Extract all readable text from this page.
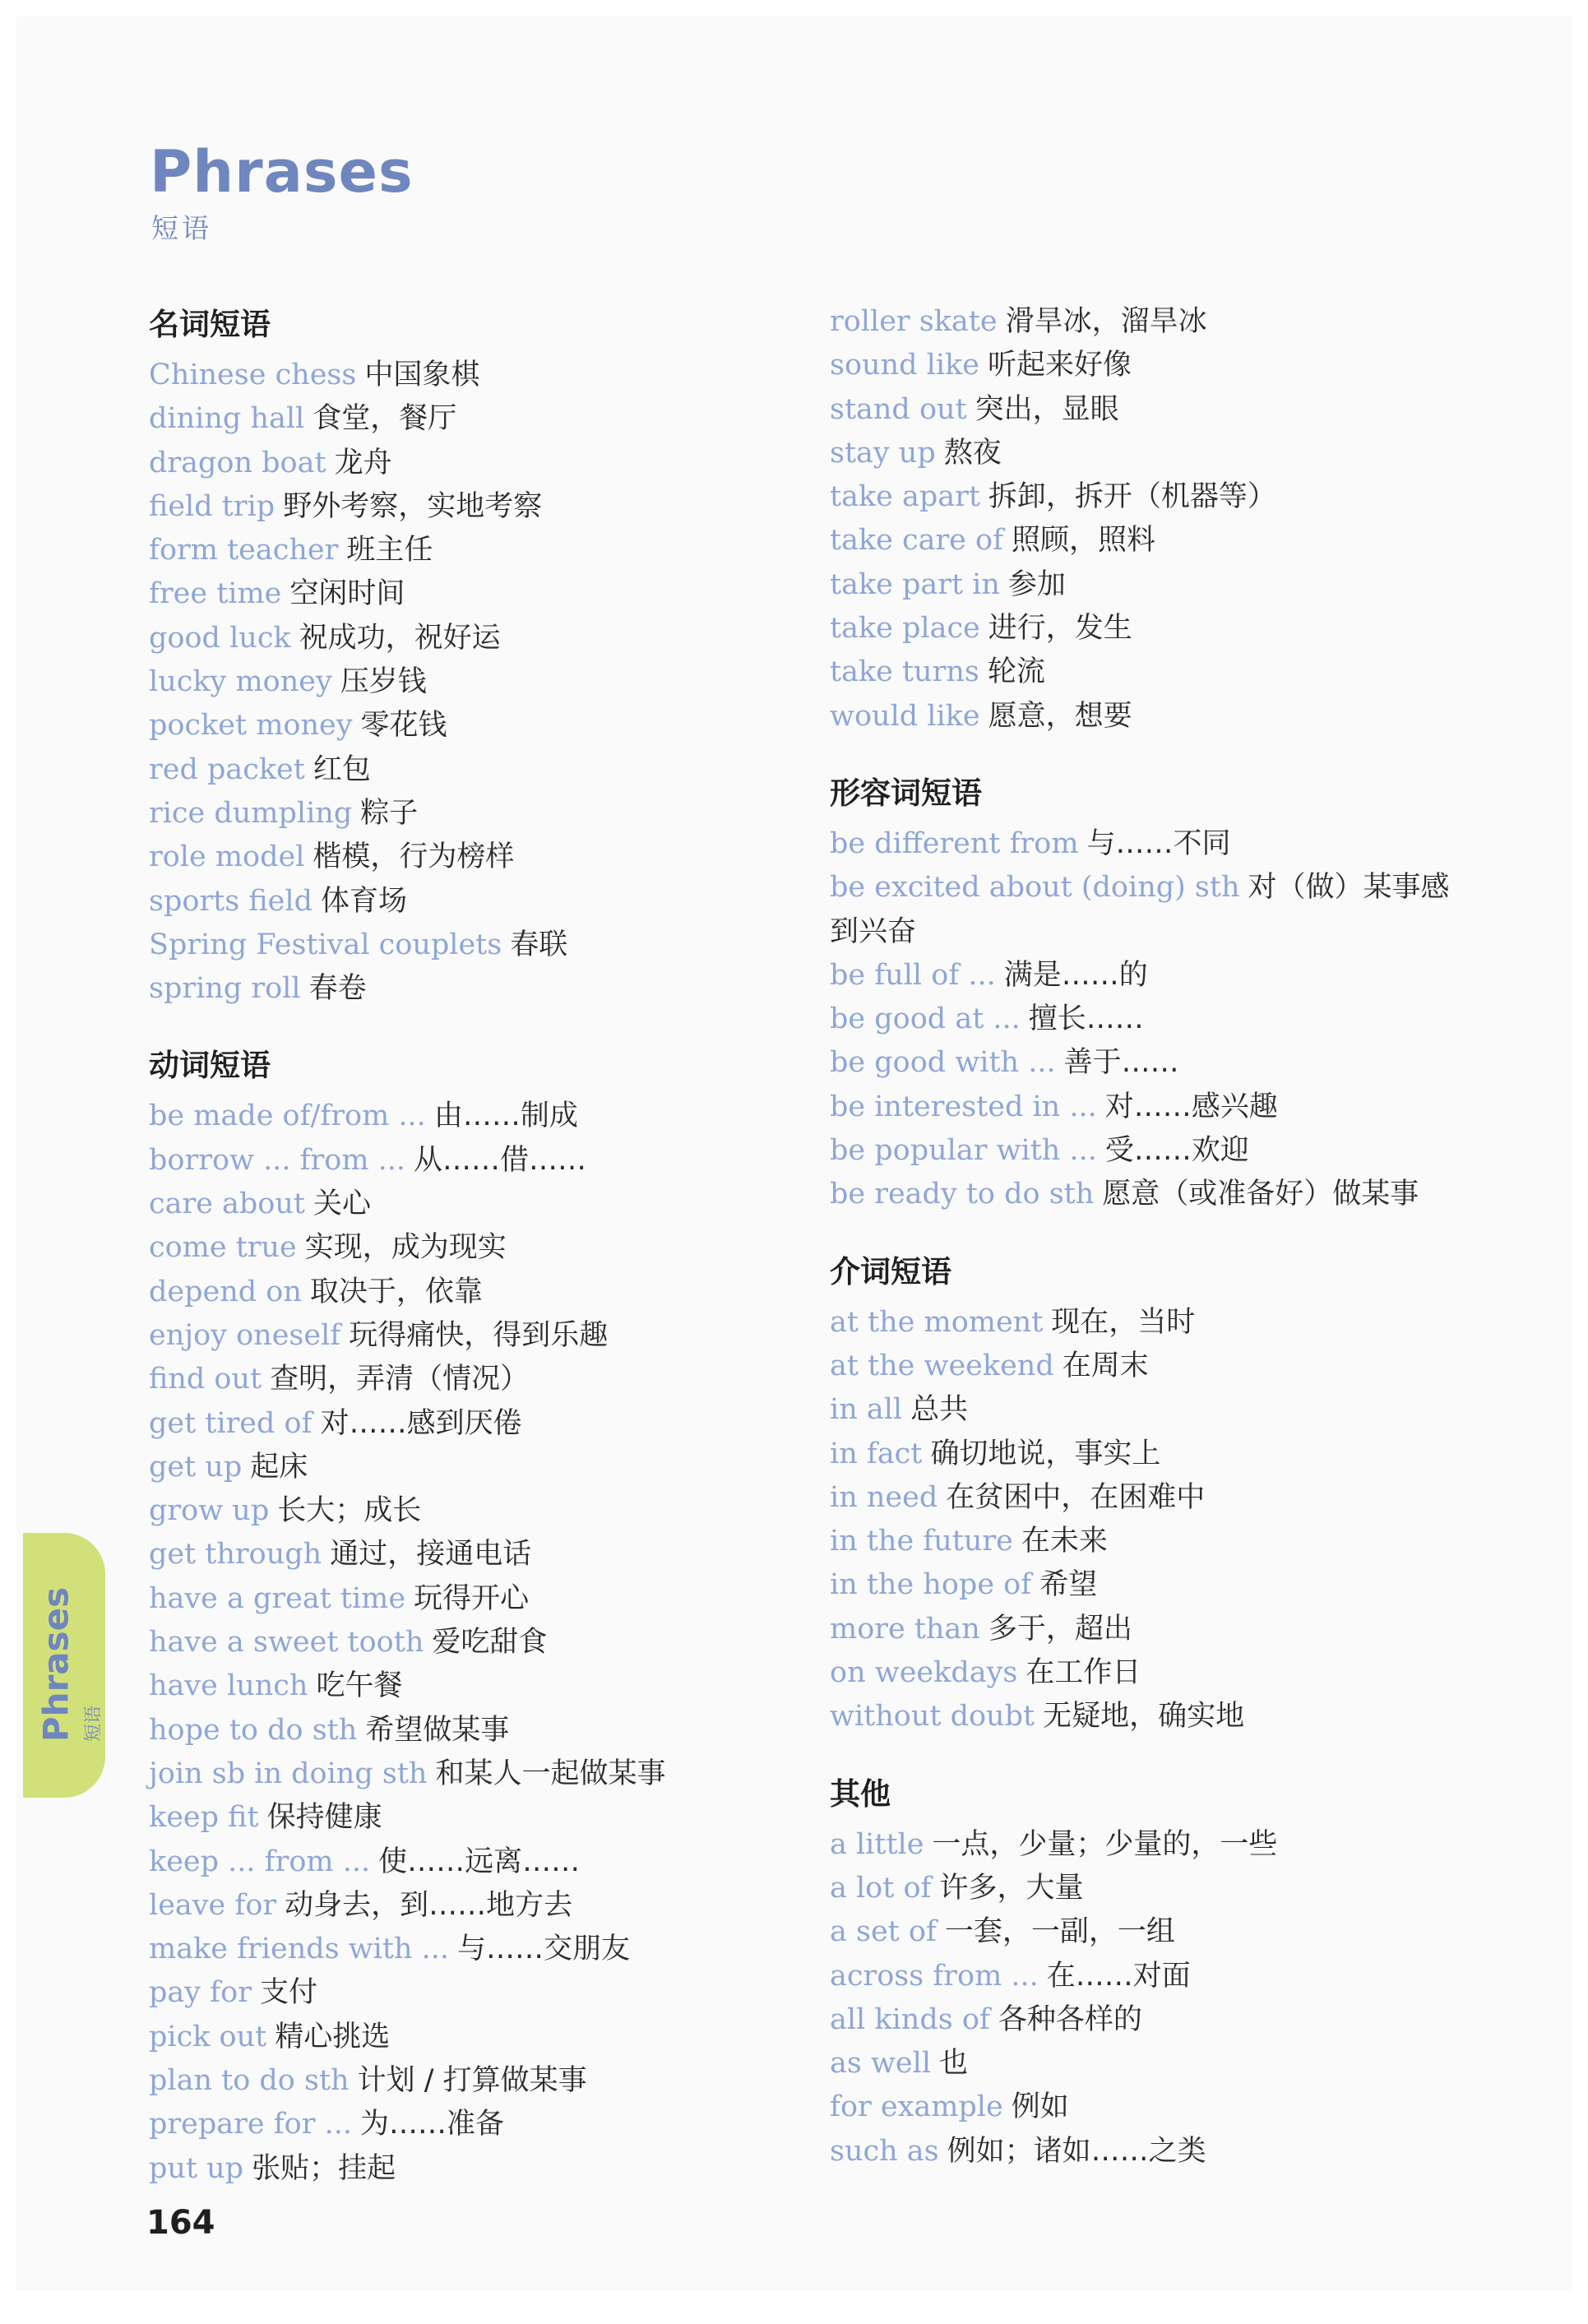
Phrases
短语
名词短语
Chinese chess 中国象棋
dining hall 食堂，餐厅
dragon boat 龙舟
field trip 野外考察，实地考察
form teacher 班主任
free time 空闲时间
good luck 祝成功，祝好运
lucky money 压岁钱
pocket money 零花钱
red packet 红包
rice dumpling 粽子
role model 楷模，行为榜样
sports field 体育场
Spring Festival couplets 春联
spring roll 春卷
动词短语
be made of/from ... 由……制成
borrow ... from ... 从……借……
care about 关心
come true 实现，成为现实
depend on 取决于，依靠
enjoy oneself 玩得痛快，得到乐趣
find out 查明，弄清（情况）
get tired of 对……感到厌倦
get up 起床
grow up 长大；成长
get through 通过，接通电话
have a great time 玩得开心
have a sweet tooth 爱吃甜食
have lunch 吃午餐
hope to do sth 希望做某事
join sb in doing sth 和某人一起做某事
keep fit 保持健康
keep ... from ... 使……远离……
leave for 动身去，到……地方去
make friends with ... 与……交朋友
pay for 支付
pick out 精心挑选
plan to do sth 计划 / 打算做某事
prepare for ... 为……准备
put up 张贴；挂起
roller skate 滑旱冰，溜旱冰
sound like 听起来好像
stand out 突出，显眼
stay up 熬夜
take apart 拆卸，拆开（机器等）
take care of 照顾，照料
take part in 参加
take place 进行，发生
take turns 轮流
would like 愿意，想要
形容词短语
be different from 与……不同
be excited about (doing) sth 对（做）某事感到兴奋
be full of ... 满是……的
be good at ... 擅长……
be good with ... 善于……
be interested in ... 对……感兴趣
be popular with ... 受……欢迎
be ready to do sth 愿意（或准备好）做某事
介词短语
at the moment 现在，当时
at the weekend 在周末
in all 总共
in fact 确切地说，事实上
in need 在贫困中，在困难中
in the future 在未来
in the hope of 希望
more than 多于，超出
on weekdays 在工作日
without doubt 无疑地，确实地
其他
a little 一点，少量；少量的，一些
a lot of 许多，大量
a set of 一套，一副，一组
across from ... 在……对面
all kinds of 各种各样的
as well 也
for example 例如
such as 例如；诸如……之类
Phrases 短语
164
